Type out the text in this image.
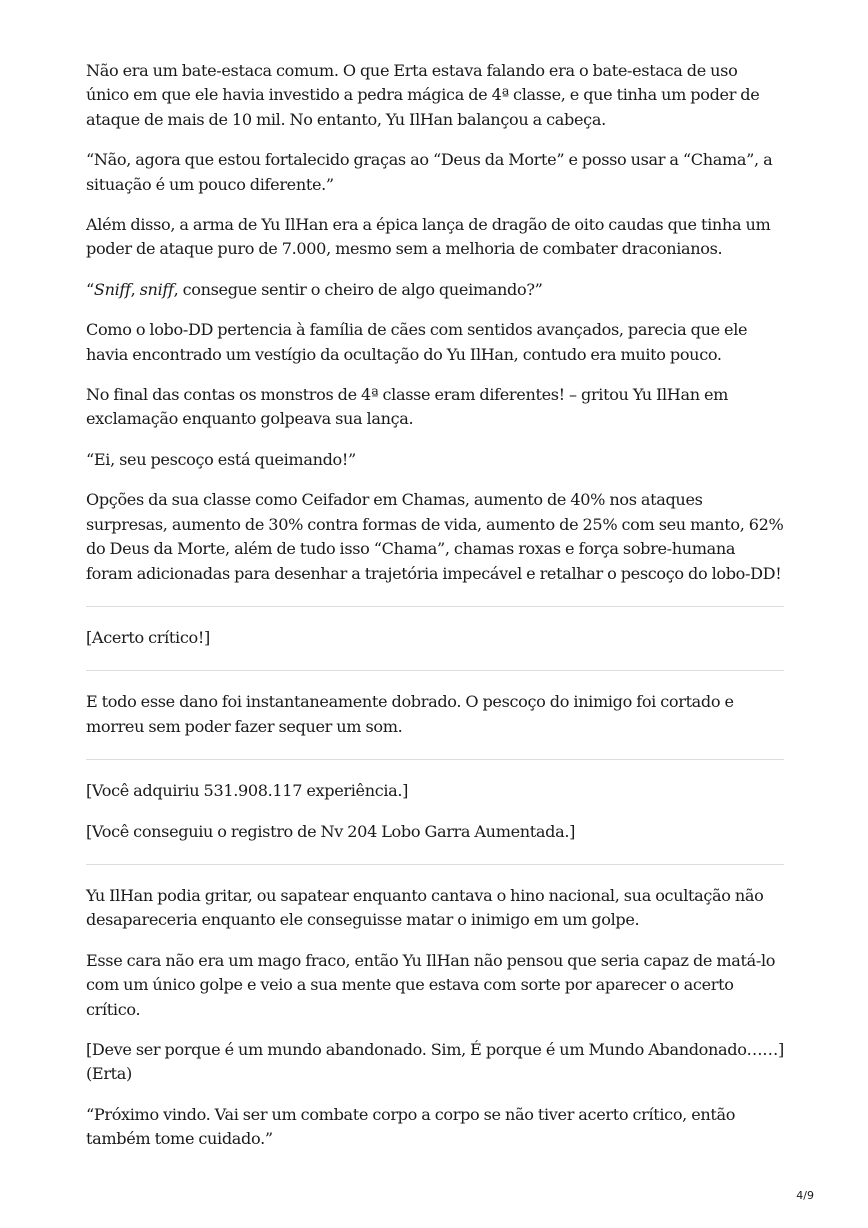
Não era um bate-estaca comum. O que Erta estava falando era o bate-estaca de uso único em que ele havia investido a pedra mágica de 4ª classe, e que tinha um poder de ataque de mais de 10 mil. No entanto, Yu IlHan balançou a cabeça.

“Não, agora que estou fortalecido graças ao “Deus da Morte” e posso usar a “Chama”, a situação é um pouco diferente.”

Além disso, a arma de Yu IlHan era a épica lança de dragão de oito caudas que tinha um poder de ataque puro de 7.000, mesmo sem a melhoria de combater draconianos.

“Sniff, sniff, consegue sentir o cheiro de algo queimando?”

Como o lobo-DD pertencia à família de cães com sentidos avançados, parecia que ele havia encontrado um vestígio da ocultação do Yu IlHan, contudo era muito pouco.

No final das contas os monstros de 4ª classe eram diferentes! – gritou Yu IlHan em exclamação enquanto golpeava sua lança.

“Ei, seu pescoço está queimando!”

Opções da sua classe como Ceifador em Chamas, aumento de 40% nos ataques surpresas, aumento de 30% contra formas de vida, aumento de 25% com seu manto, 62% do Deus da Morte, além de tudo isso “Chama”, chamas roxas e força sobre-humana foram adicionadas para desenhar a trajetória impecável e retalhar o pescoço do lobo-DD!

[Acerto crítico!]

E todo esse dano foi instantaneamente dobrado. O pescoço do inimigo foi cortado e morreu sem poder fazer sequer um som.

[Você adquiriu 531.908.117 experiência.]

[Você conseguiu o registro de Nv 204 Lobo Garra Aumentada.]

Yu IlHan podia gritar, ou sapatear enquanto cantava o hino nacional, sua ocultação não desapareceria enquanto ele conseguisse matar o inimigo em um golpe.

Esse cara não era um mago fraco, então Yu IlHan não pensou que seria capaz de matá-lo com um único golpe e veio a sua mente que estava com sorte por aparecer o acerto crítico.

[Deve ser porque é um mundo abandonado. Sim, É porque é um Mundo Abandonado……] (Erta)

“Próximo vindo. Vai ser um combate corpo a corpo se não tiver acerto crítico, então também tome cuidado.”

4/9
